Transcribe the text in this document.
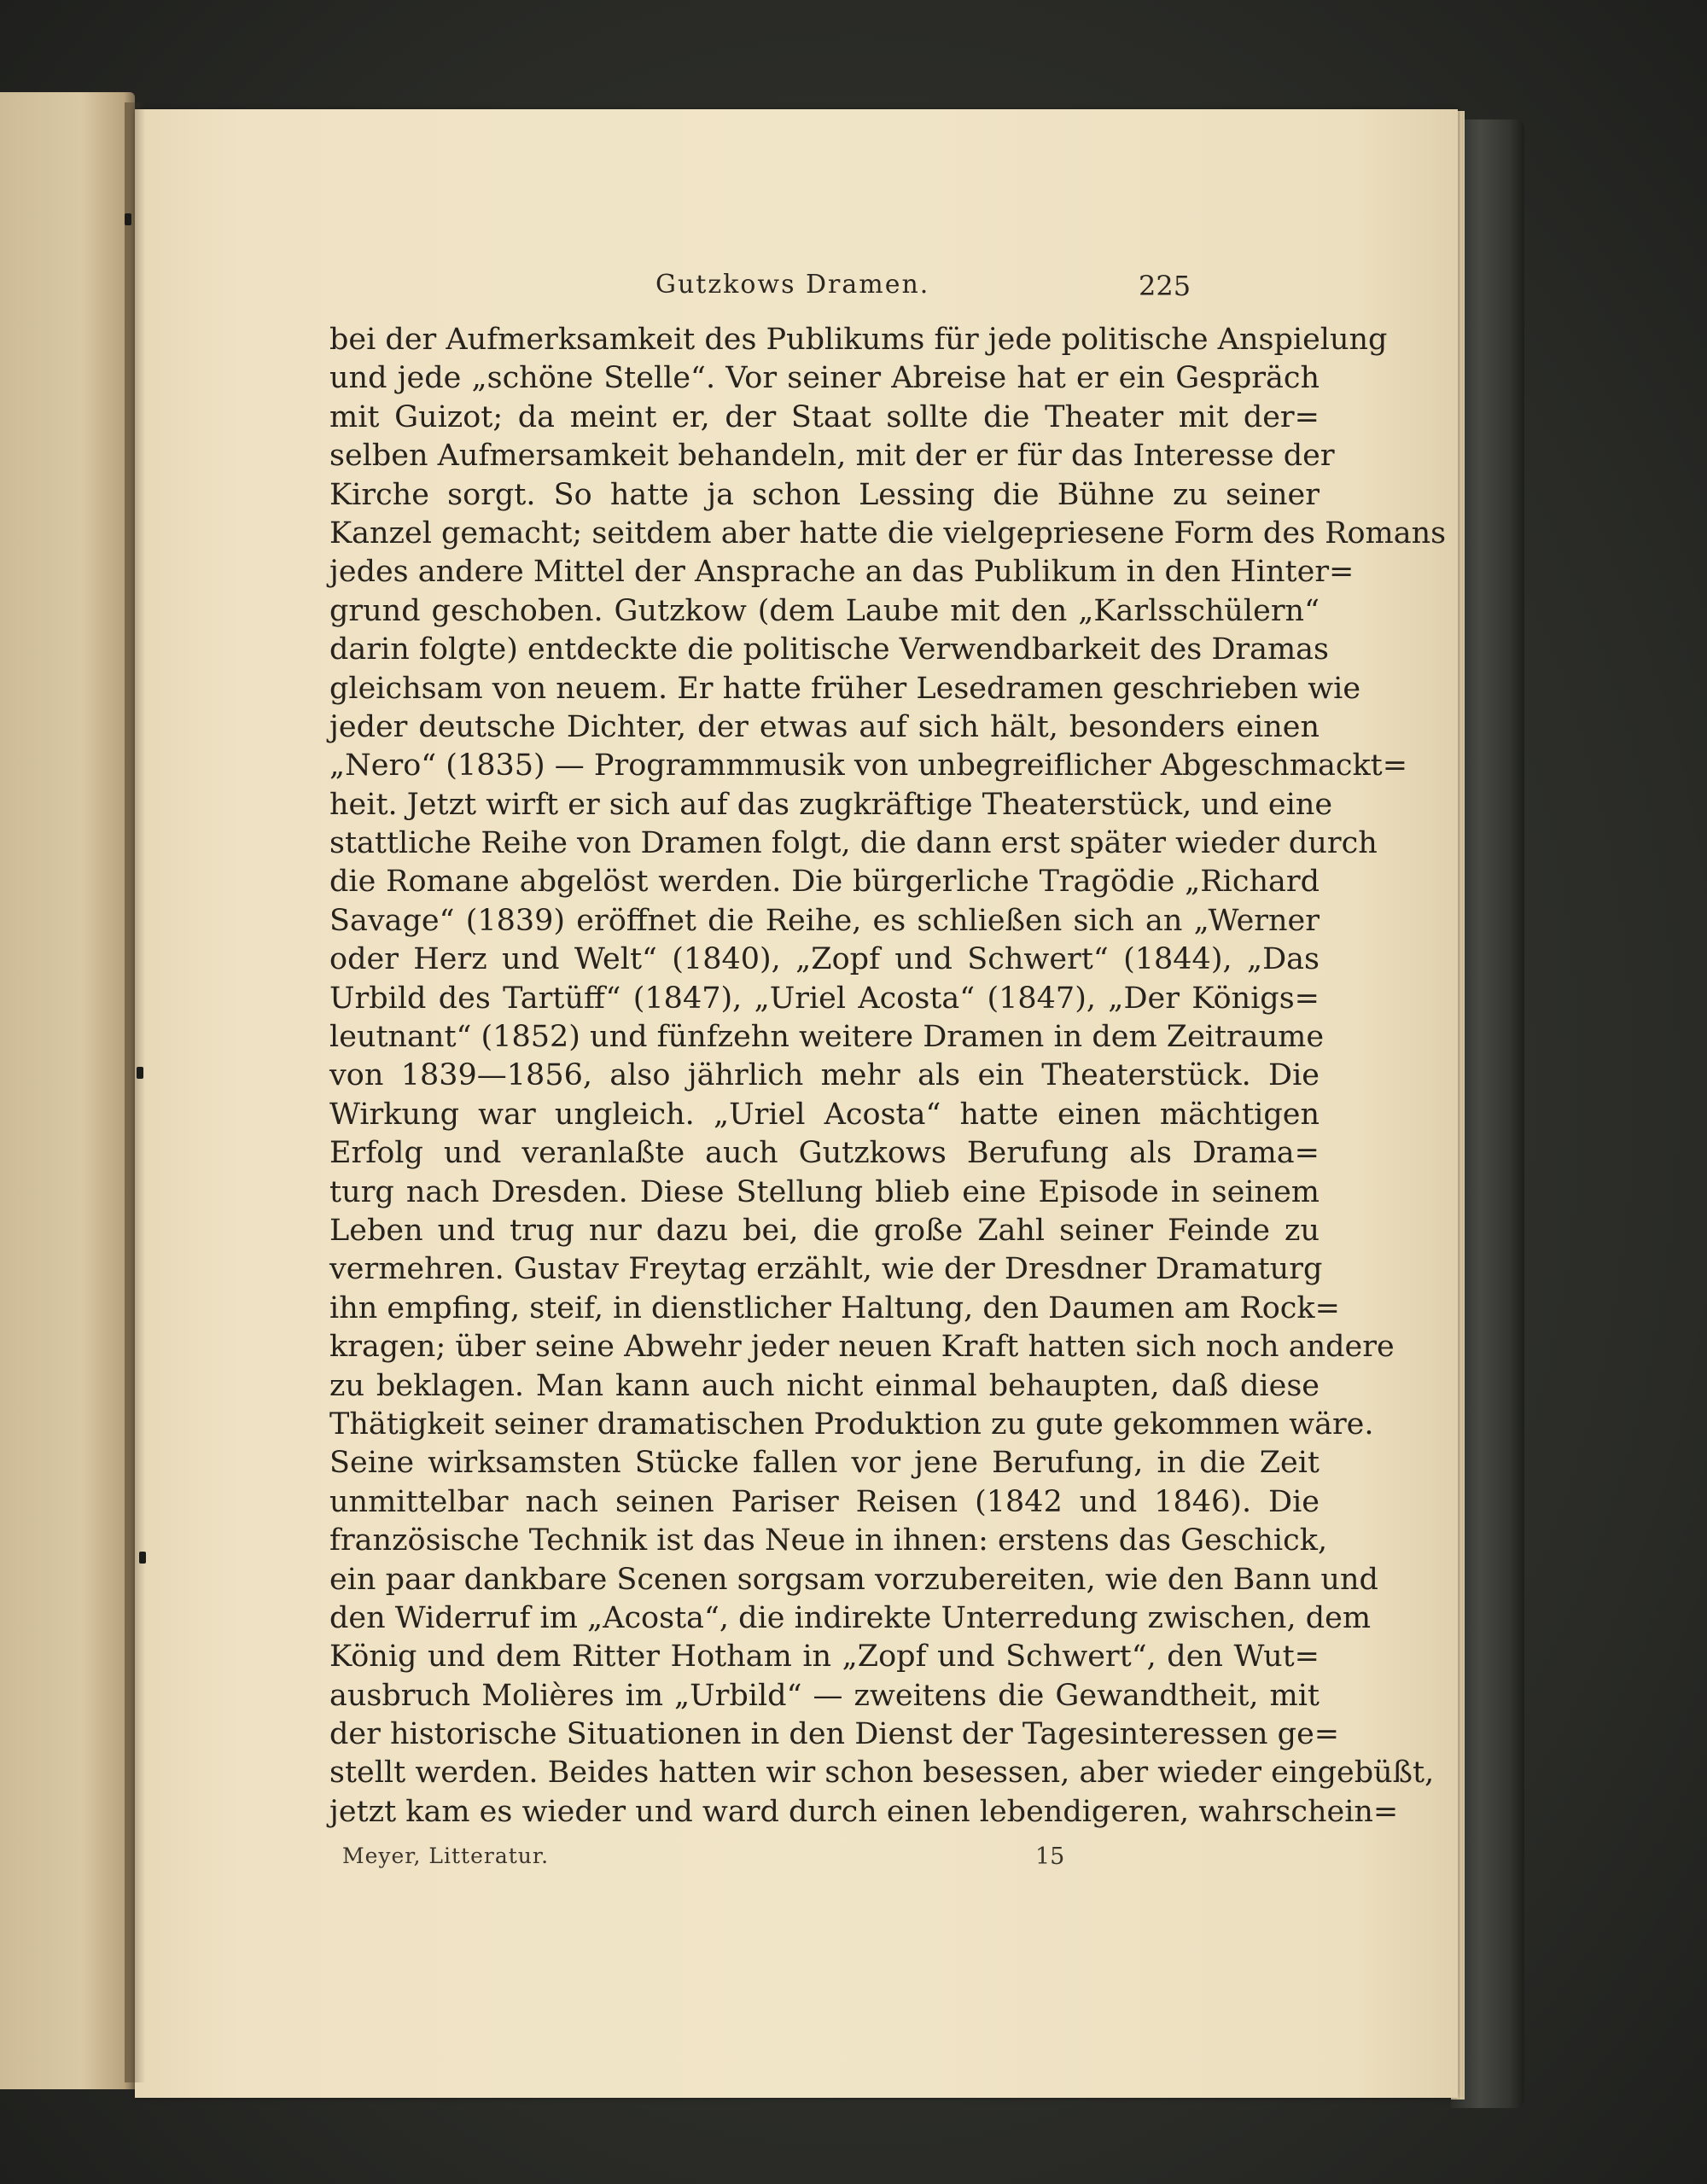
Gutzkows Dramen.	225
bei der Aufmerksamkeit des Publikums für jede politische Anspielung
und jede „schöne Stelle“. Vor seiner Abreise hat er ein Gespräch
mit Guizot; da meint er, der Staat sollte die Theater mit der=
selben Aufmersamkeit behandeln, mit der er für das Interesse der
Kirche sorgt. So hatte ja schon Lessing die Bühne zu seiner
Kanzel gemacht; seitdem aber hatte die vielgepriesene Form des Romans
jedes andere Mittel der Ansprache an das Publikum in den Hinter=
grund geschoben. Gutzkow (dem Laube mit den „Karlsschülern“
darin folgte) entdeckte die politische Verwendbarkeit des Dramas
gleichsam von neuem. Er hatte früher Lesedramen geschrieben wie
jeder deutsche Dichter, der etwas auf sich hält, besonders einen
„Nero“ (1835) — Programmmusik von unbegreiflicher Abgeschmackt=
heit. Jetzt wirft er sich auf das zugkräftige Theaterstück, und eine
stattliche Reihe von Dramen folgt, die dann erst später wieder durch
die Romane abgelöst werden. Die bürgerliche Tragödie „Richard
Savage“ (1839) eröffnet die Reihe, es schließen sich an „Werner
oder Herz und Welt“ (1840), „Zopf und Schwert“ (1844), „Das
Urbild des Tartüff“ (1847), „Uriel Acosta“ (1847), „Der Königs=
leutnant“ (1852) und fünfzehn weitere Dramen in dem Zeitraume
von 1839—1856, also jährlich mehr als ein Theaterstück. Die
Wirkung war ungleich. „Uriel Acosta“ hatte einen mächtigen
Erfolg und veranlaßte auch Gutzkows Berufung als Drama=
turg nach Dresden. Diese Stellung blieb eine Episode in seinem
Leben und trug nur dazu bei, die große Zahl seiner Feinde zu
vermehren. Gustav Freytag erzählt, wie der Dresdner Dramaturg
ihn empfing, steif, in dienstlicher Haltung, den Daumen am Rock=
kragen; über seine Abwehr jeder neuen Kraft hatten sich noch andere
zu beklagen. Man kann auch nicht einmal behaupten, daß diese
Thätigkeit seiner dramatischen Produktion zu gute gekommen wäre.
Seine wirksamsten Stücke fallen vor jene Berufung, in die Zeit
unmittelbar nach seinen Pariser Reisen (1842 und 1846). Die
französische Technik ist das Neue in ihnen: erstens das Geschick,
ein paar dankbare Scenen sorgsam vorzubereiten, wie den Bann und
den Widerruf im „Acosta“, die indirekte Unterredung zwischen, dem
König und dem Ritter Hotham in „Zopf und Schwert“, den Wut=
ausbruch Molières im „Urbild“ — zweitens die Gewandtheit, mit
der historische Situationen in den Dienst der Tagesinteressen ge=
stellt werden. Beides hatten wir schon besessen, aber wieder eingebüßt,
jetzt kam es wieder und ward durch einen lebendigeren, wahrschein=
Meyer, Litteratur.	15
